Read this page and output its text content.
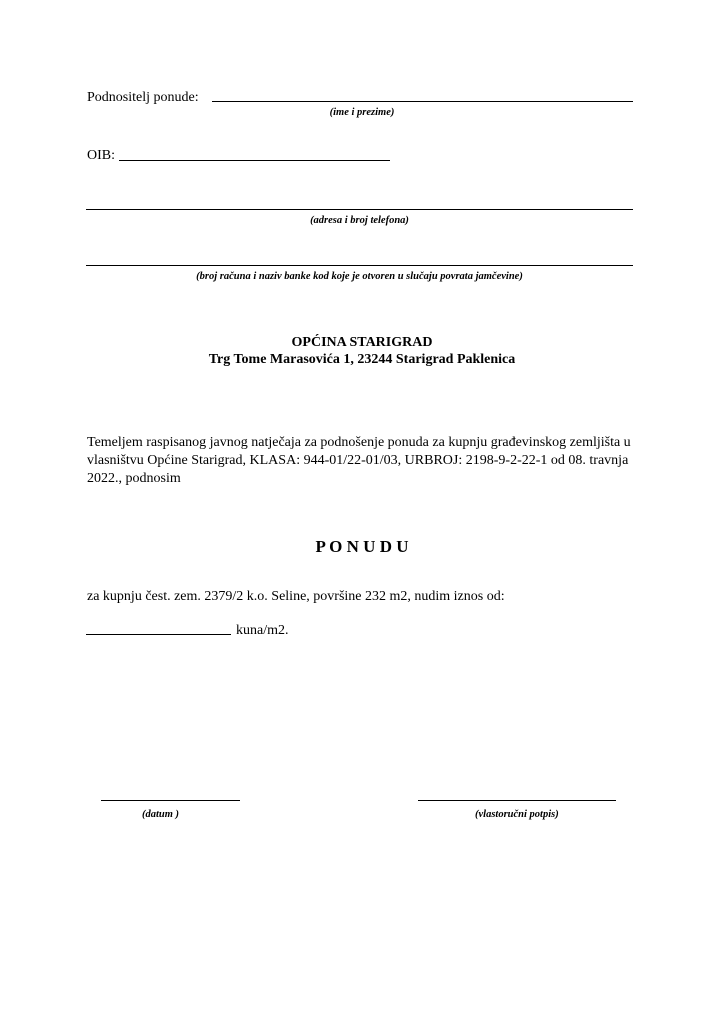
Podnositelj ponude:
(ime i prezime)
OIB:
(adresa i broj telefona)
(broj računa i naziv banke kod koje je otvoren u slučaju povrata jamčevine)
OPĆINA STARIGRAD
Trg Tome Marasovića 1, 23244 Starigrad Paklenica
Temeljem raspisanog javnog natječaja za podnošenje ponuda za kupnju građevinskog zemljišta u
vlasništvu Općine Starigrad, KLASA: 944-01/22-01/03, URBROJ: 2198-9-2-22-1 od 08. travnja
2022., podnosim
P O N U D U
za kupnju čest. zem. 2379/2 k.o. Seline, površine 232 m2, nudim iznos od:
kuna/m2.
(datum )	(vlastoručni potpis)
